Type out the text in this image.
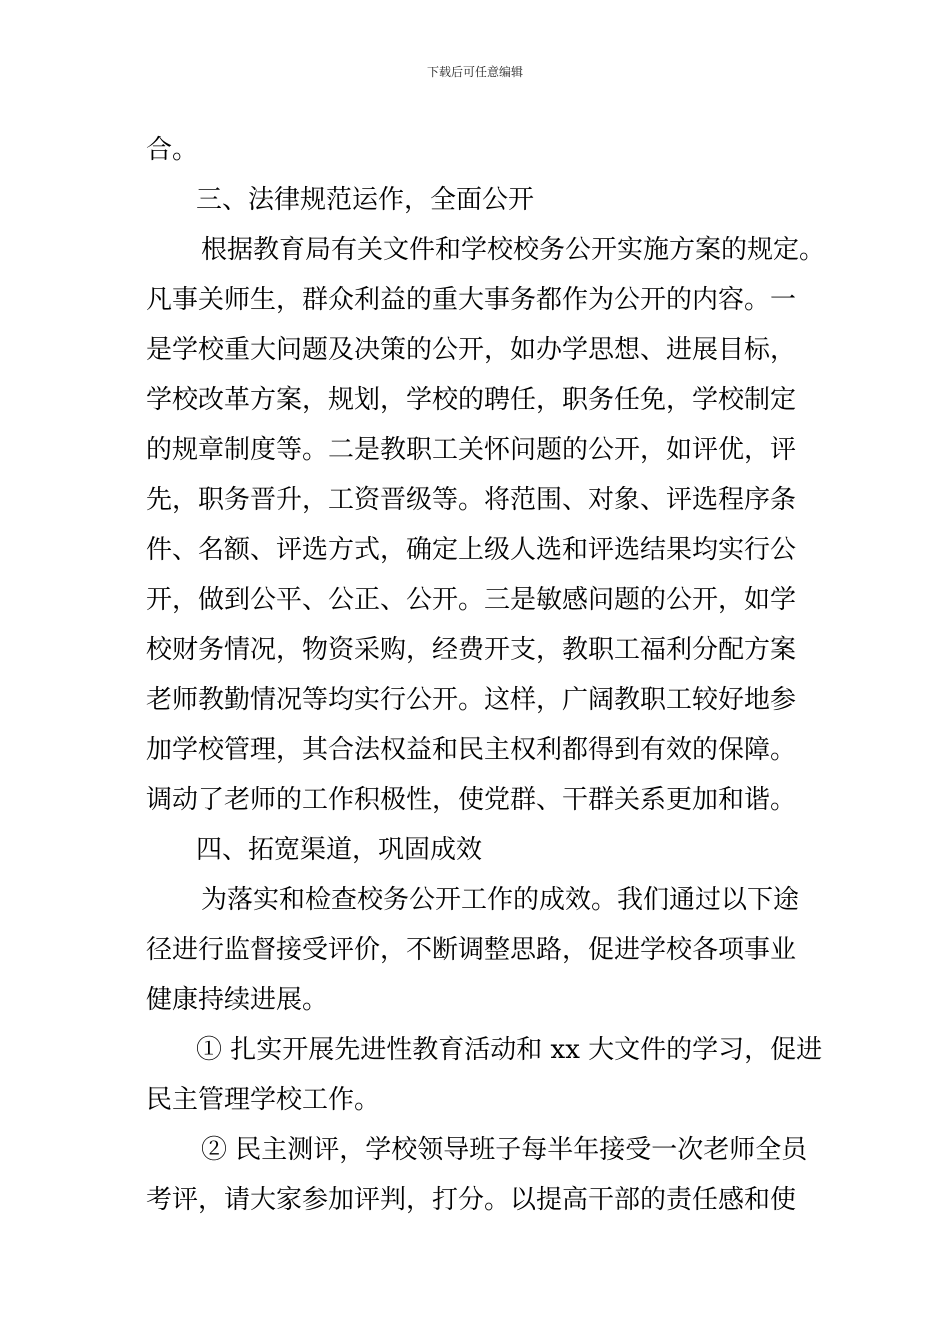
下载后可任意编辑
合。
三、法律规范运作，全面公开
根据教育局有关文件和学校校务公开实施方案的规定。
凡事关师生，群众利益的重大事务都作为公开的内容。一
是学校重大问题及决策的公开，如办学思想、进展目标，
学校改革方案，规划，学校的聘任，职务任免，学校制定
的规章制度等。二是教职工关怀问题的公开，如评优，评
先，职务晋升，工资晋级等。将范围、对象、评选程序条
件、名额、评选方式，确定上级人选和评选结果均实行公
开，做到公平、公正、公开。三是敏感问题的公开，如学
校财务情况，物资采购，经费开支，教职工福利分配方案
老师教勤情况等均实行公开。这样，广阔教职工较好地参
加学校管理，其合法权益和民主权利都得到有效的保障。
调动了老师的工作积极性，使党群、干群关系更加和谐。
四、拓宽渠道，巩固成效
为落实和检查校务公开工作的成效。我们通过以下途
径进行监督接受评价，不断调整思路，促进学校各项事业
健康持续进展。
① 扎实开展先进性教育活动和 xx 大文件的学习，促进
民主管理学校工作。
② 民主测评，学校领导班子每半年接受一次老师全员
考评，请大家参加评判，打分。以提高干部的责任感和使
